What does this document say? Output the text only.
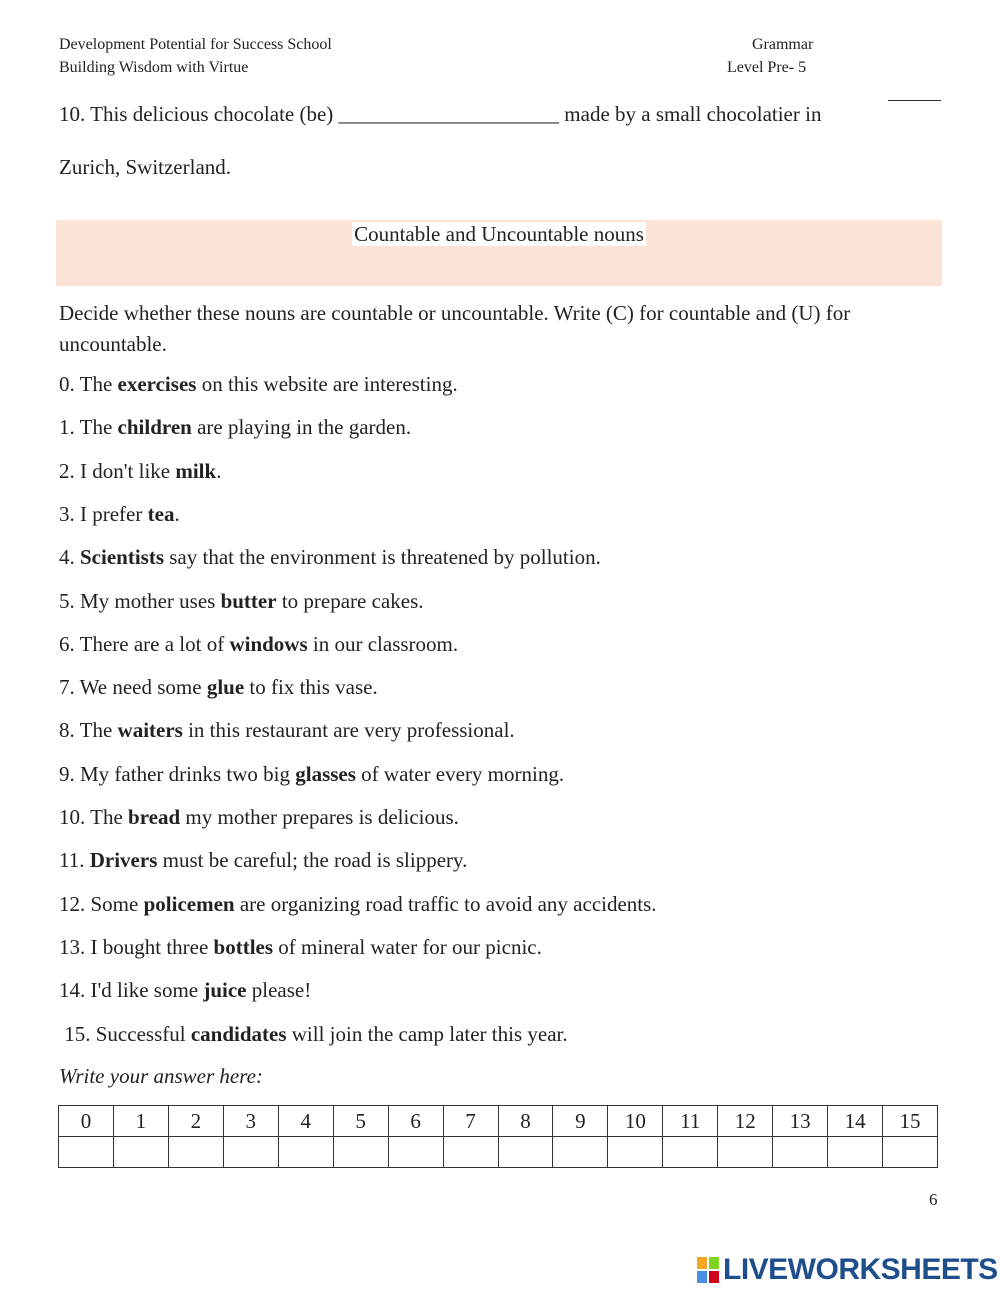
Development Potential for Success School
Building Wisdom with Virtue
Grammar
Level Pre- 5
10. This delicious chocolate (be) _____________________ made by a small chocolatier in
Zurich, Switzerland.
Countable and Uncountable nouns
Decide whether these nouns are countable or uncountable. Write (C) for countable and (U) for uncountable.
0. The exercises on this website are interesting.
1. The children are playing in the garden.
2. I don't like milk.
3. I prefer tea.
4. Scientists say that the environment is threatened by pollution.
5. My mother uses butter to prepare cakes.
6. There are a lot of windows in our classroom.
7. We need some glue to fix this vase.
8. The waiters in this restaurant are very professional.
9. My father drinks two big glasses of water every morning.
10. The bread my mother prepares is delicious.
11. Drivers must be careful; the road is slippery.
12. Some policemen are organizing road traffic to avoid any accidents.
13. I bought three bottles of mineral water for our picnic.
14. I'd like some juice please!
15. Successful candidates will join the camp later this year.
Write your answer here:
0	1	2	3	4	5	6	7	8	9	10	11	12	13	14	15

6
LIVEWORKSHEETS
